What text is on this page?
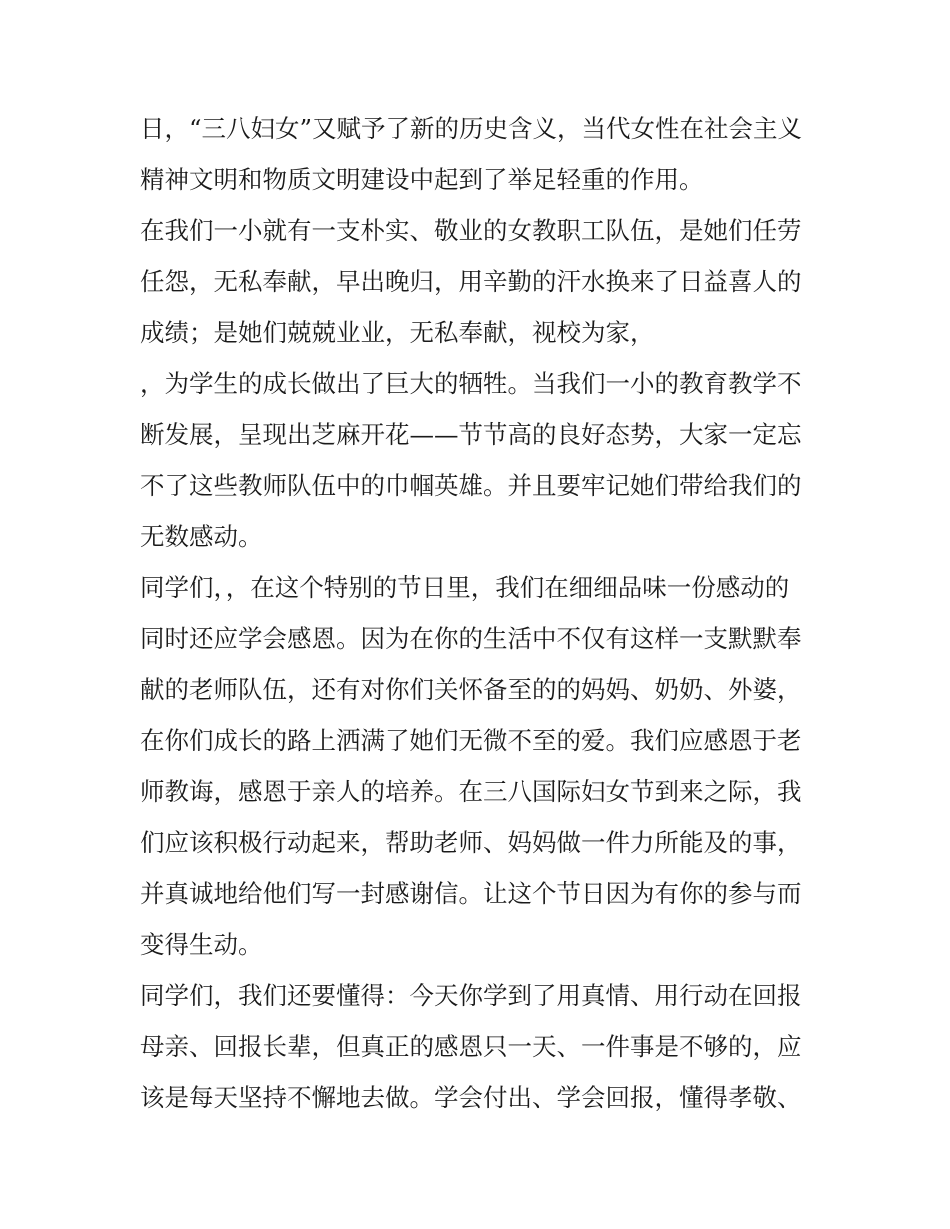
日，“三八妇女”又赋予了新的历史含义，当代女性在社会主义
精神文明和物质文明建设中起到了举足轻重的作用。
在我们一小就有一支朴实、敬业的女教职工队伍，是她们任劳
任怨，无私奉献，早出晚归，用辛勤的汗水换来了日益喜人的
成绩；是她们兢兢业业，无私奉献，视校为家，
，为学生的成长做出了巨大的牺牲。当我们一小的教育教学不
断发展，呈现出芝麻开花——节节高的良好态势，大家一定忘
不了这些教师队伍中的巾帼英雄。并且要牢记她们带给我们的
无数感动。
同学们，，在这个特别的节日里，我们在细细品味一份感动的
同时还应学会感恩。因为在你的生活中不仅有这样一支默默奉
献的老师队伍，还有对你们关怀备至的的妈妈、奶奶、外婆，
在你们成长的路上洒满了她们无微不至的爱。我们应感恩于老
师教诲，感恩于亲人的培养。在三八国际妇女节到来之际，我
们应该积极行动起来，帮助老师、妈妈做一件力所能及的事，
并真诚地给他们写一封感谢信。让这个节日因为有你的参与而
变得生动。
同学们，我们还要懂得：今天你学到了用真情、用行动在回报
母亲、回报长辈，但真正的感恩只一天、一件事是不够的，应
该是每天坚持不懈地去做。学会付出、学会回报，懂得孝敬、
